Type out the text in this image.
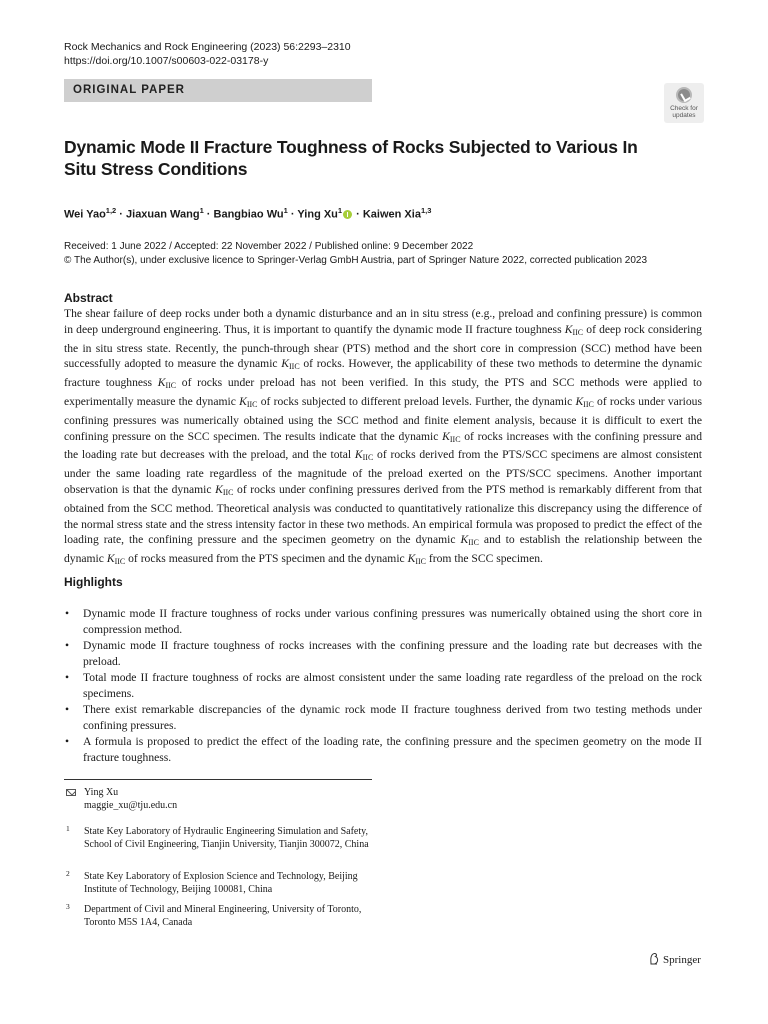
Rock Mechanics and Rock Engineering (2023) 56:2293–2310
https://doi.org/10.1007/s00603-022-03178-y
ORIGINAL PAPER
Check for updates
Dynamic Mode II Fracture Toughness of Rocks Subjected to Various In Situ Stress Conditions
Wei Yao$^{1,2}$ · Jiaxuan Wang$^1$ · Bangbiao $Wu^1$ · Ying $Xu^1$ · Kaiwen Xia$^{1,3}$
Received: 1 June 2022 / Accepted: 22 November 2022 / Published online: 9 December 2022
© The Author(s), under exclusive licence to Springer-Verlag GmbH Austria, part of Springer Nature 2022, corrected publication 2023
Abstract
The shear failure of deep rocks under both a dynamic disturbance and an in situ stress (e.g., preload and confining pressure) is common in deep underground engineering. Thus, it is important to quantify the dynamic mode II fracture toughness $K_{IIC}$ of deep rock considering the in situ stress state. Recently, the punch-through shear (PTS) method and the short core in compression (SCC) method have been successfully adopted to measure the dynamic $K_{IIC}$ of rocks. However, the applicability of these two methods to determine the dynamic fracture toughness $K_{IIC}$ of rocks under preload has not been verified. In this study, the PTS and SCC methods were applied to experimentally measure the dynamic $K_{IIC}$ of rocks subjected to different preload levels. Further, the dynamic $K_{IIC}$ of rocks under various confining pressures was numerically obtained using the SCC method and finite element analysis, because it is difficult to exert the confining pressure on the SCC specimen. The results indicate that the dynamic $K_{IIC}$ of rocks increases with the confining pressure and the loading rate but decreases with the preload, and the total $K_{IIC}$ of rocks derived from the PTS/SCC specimens are almost consistent under the same loading rate regardless of the magnitude of the preload exerted on the PTS/SCC specimens. Another important observation is that the dynamic $K_{IIC}$ of rocks under confining pressures derived from the PTS method is remarkably different from that obtained from the SCC method. Theoretical analysis was conducted to quantitatively rationalize this discrepancy using the difference of the normal stress state and the stress intensity factor in these two methods. An empirical formula was proposed to predict the effect of the loading rate, the confining pressure and the specimen geometry on the dynamic $K_{IIC}$ and to establish the relationship between the dynamic $K_{IIC}$ of rocks measured from the PTS specimen and the dynamic $K_{IIC}$ from the SCC specimen.
Highlights
• Dynamic mode II fracture toughness of rocks under various confining pressures was numerically obtained using the short core in compression method.
• Dynamic mode II fracture toughness of rocks increases with the confining pressure and the loading rate but decreases with the preload.
• Total mode II fracture toughness of rocks are almost consistent under the same loading rate regardless of the preload on the rock specimens.
• There exist remarkable discrepancies of the dynamic rock mode II fracture toughness derived from two testing methods under confining pressures.
• A formula is proposed to predict the effect of the loading rate, the confining pressure and the specimen geometry on the mode II fracture toughness.
Ying Xu
maggie_xu@tju.edu.cn
1 State Key Laboratory of Hydraulic Engineering Simulation and Safety, School of Civil Engineering, Tianjin University, Tianjin 300072, China
2 State Key Laboratory of Explosion Science and Technology, Beijing Institute of Technology, Beijing 100081, China
3 Department of Civil and Mineral Engineering, University of Toronto, Toronto M5S 1A4, Canada
Springer
